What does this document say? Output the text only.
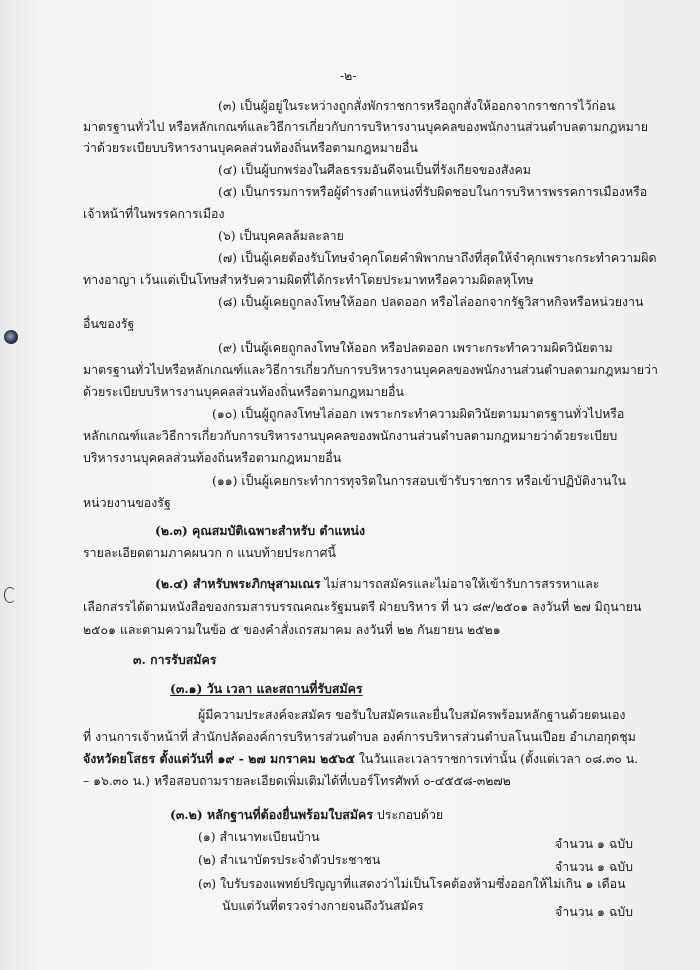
-๒-
(๓) เป็นผู้อยู่ในระหว่างถูกสั่งพักราชการหรือถูกสั่งให้ออกจากราชการไว้ก่อน
มาตรฐานทั่วไป หรือหลักเกณฑ์และวิธีการเกี่ยวกับการบริหารงานบุคคลของพนักงานส่วนตำบลตามกฎหมาย
ว่าด้วยระเบียบบริหารงานบุคคลส่วนท้องถิ่นหรือตามกฎหมายอื่น
(๔) เป็นผู้บกพร่องในศีลธรรมอันดีจนเป็นที่รังเกียจของสังคม
(๕) เป็นกรรมการหรือผู้ดำรงตำแหน่งที่รับผิดชอบในการบริหารพรรคการเมืองหรือ
เจ้าหน้าที่ในพรรคการเมือง
(๖) เป็นบุคคลล้มละลาย
(๗) เป็นผู้เคยต้องรับโทษจำคุกโดยคำพิพากษาถึงที่สุดให้จำคุกเพราะกระทำความผิด
ทางอาญา เว้นแต่เป็นโทษสำหรับความผิดที่ได้กระทำโดยประมาทหรือความผิดลหุโทษ
(๘) เป็นผู้เคยถูกลงโทษให้ออก ปลดออก หรือไล่ออกจากรัฐวิสาหกิจหรือหน่วยงาน
อื่นของรัฐ
(๙) เป็นผู้เคยถูกลงโทษให้ออก หรือปลดออก เพราะกระทำความผิดวินัยตาม
มาตรฐานทั่วไปหรือหลักเกณฑ์และวิธีการเกี่ยวกับการบริหารงานบุคคลของพนักงานส่วนตำบลตามกฎหมายว่า
ด้วยระเบียบบริหารงานบุคคลส่วนท้องถิ่นหรือตามกฎหมายอื่น
(๑๐) เป็นผู้ถูกลงโทษไล่ออก เพราะกระทำความผิดวินัยตามมาตรฐานทั่วไปหรือ
หลักเกณฑ์และวิธีการเกี่ยวกับการบริหารงานบุคคลของพนักงานส่วนตำบลตามกฎหมายว่าด้วยระเบียบ
บริหารงานบุคคลส่วนท้องถิ่นหรือตามกฎหมายอื่น
(๑๑) เป็นผู้เคยกระทำการทุจริตในการสอบเข้ารับราชการ หรือเข้าปฏิบัติงานใน
หน่วยงานของรัฐ
(๒.๓) คุณสมบัติเฉพาะสำหรับ ตำแหน่ง
รายละเอียดตามภาคผนวก ก แนบท้ายประกาศนี้
(๒.๔) สำหรับพระภิกษุสามเณร ไม่สามารถสมัครและไม่อาจให้เข้ารับการสรรหาและ
เลือกสรรได้ตามหนังสือของกรมสารบรรณคณะรัฐมนตรี ฝ่ายบริหาร ที่ นว ๘๙/๒๕๐๑ ลงวันที่ ๒๗ มิถุนายน
๒๕๐๑ และตามความในข้อ ๕ ของคำสั่งเถรสมาคม ลงวันที่ ๒๒ กันยายน ๒๕๒๑
๓. การรับสมัคร
(๓.๑) วัน เวลา และสถานที่รับสมัคร
ผู้มีความประสงค์จะสมัคร ขอรับใบสมัครและยื่นใบสมัครพร้อมหลักฐานด้วยตนเอง
ที่ งานการเจ้าหน้าที่ สำนักปลัดองค์การบริหารส่วนตำบล องค์การบริหารส่วนตำบลโนนเปือย อำเภอกุดชุม
จังหวัดยโสธร ตั้งแต่วันที่ ๑๙ - ๒๗ มกราคม ๒๕๖๕ ในวันและเวลาราชการเท่านั้น (ตั้งแต่เวลา ๐๘.๓๐ น.
– ๑๖.๓๐ น.) หรือสอบถามรายละเอียดเพิ่มเติมได้ที่เบอร์โทรศัพท์ ๐-๔๕๕๘-๓๒๗๒
(๓.๒) หลักฐานที่ต้องยื่นพร้อมใบสมัคร ประกอบด้วย
(๑) สำเนาทะเบียนบ้าน	จำนวน ๑ ฉบับ
(๒) สำเนาบัตรประจำตัวประชาชน	จำนวน ๑ ฉบับ
(๓) ใบรับรองแพทย์ปริญญาที่แสดงว่าไม่เป็นโรคต้องห้ามซึ่งออกให้ไม่เกิน ๑ เดือน
นับแต่วันที่ตรวจร่างกายจนถึงวันสมัคร	จำนวน ๑ ฉบับ
